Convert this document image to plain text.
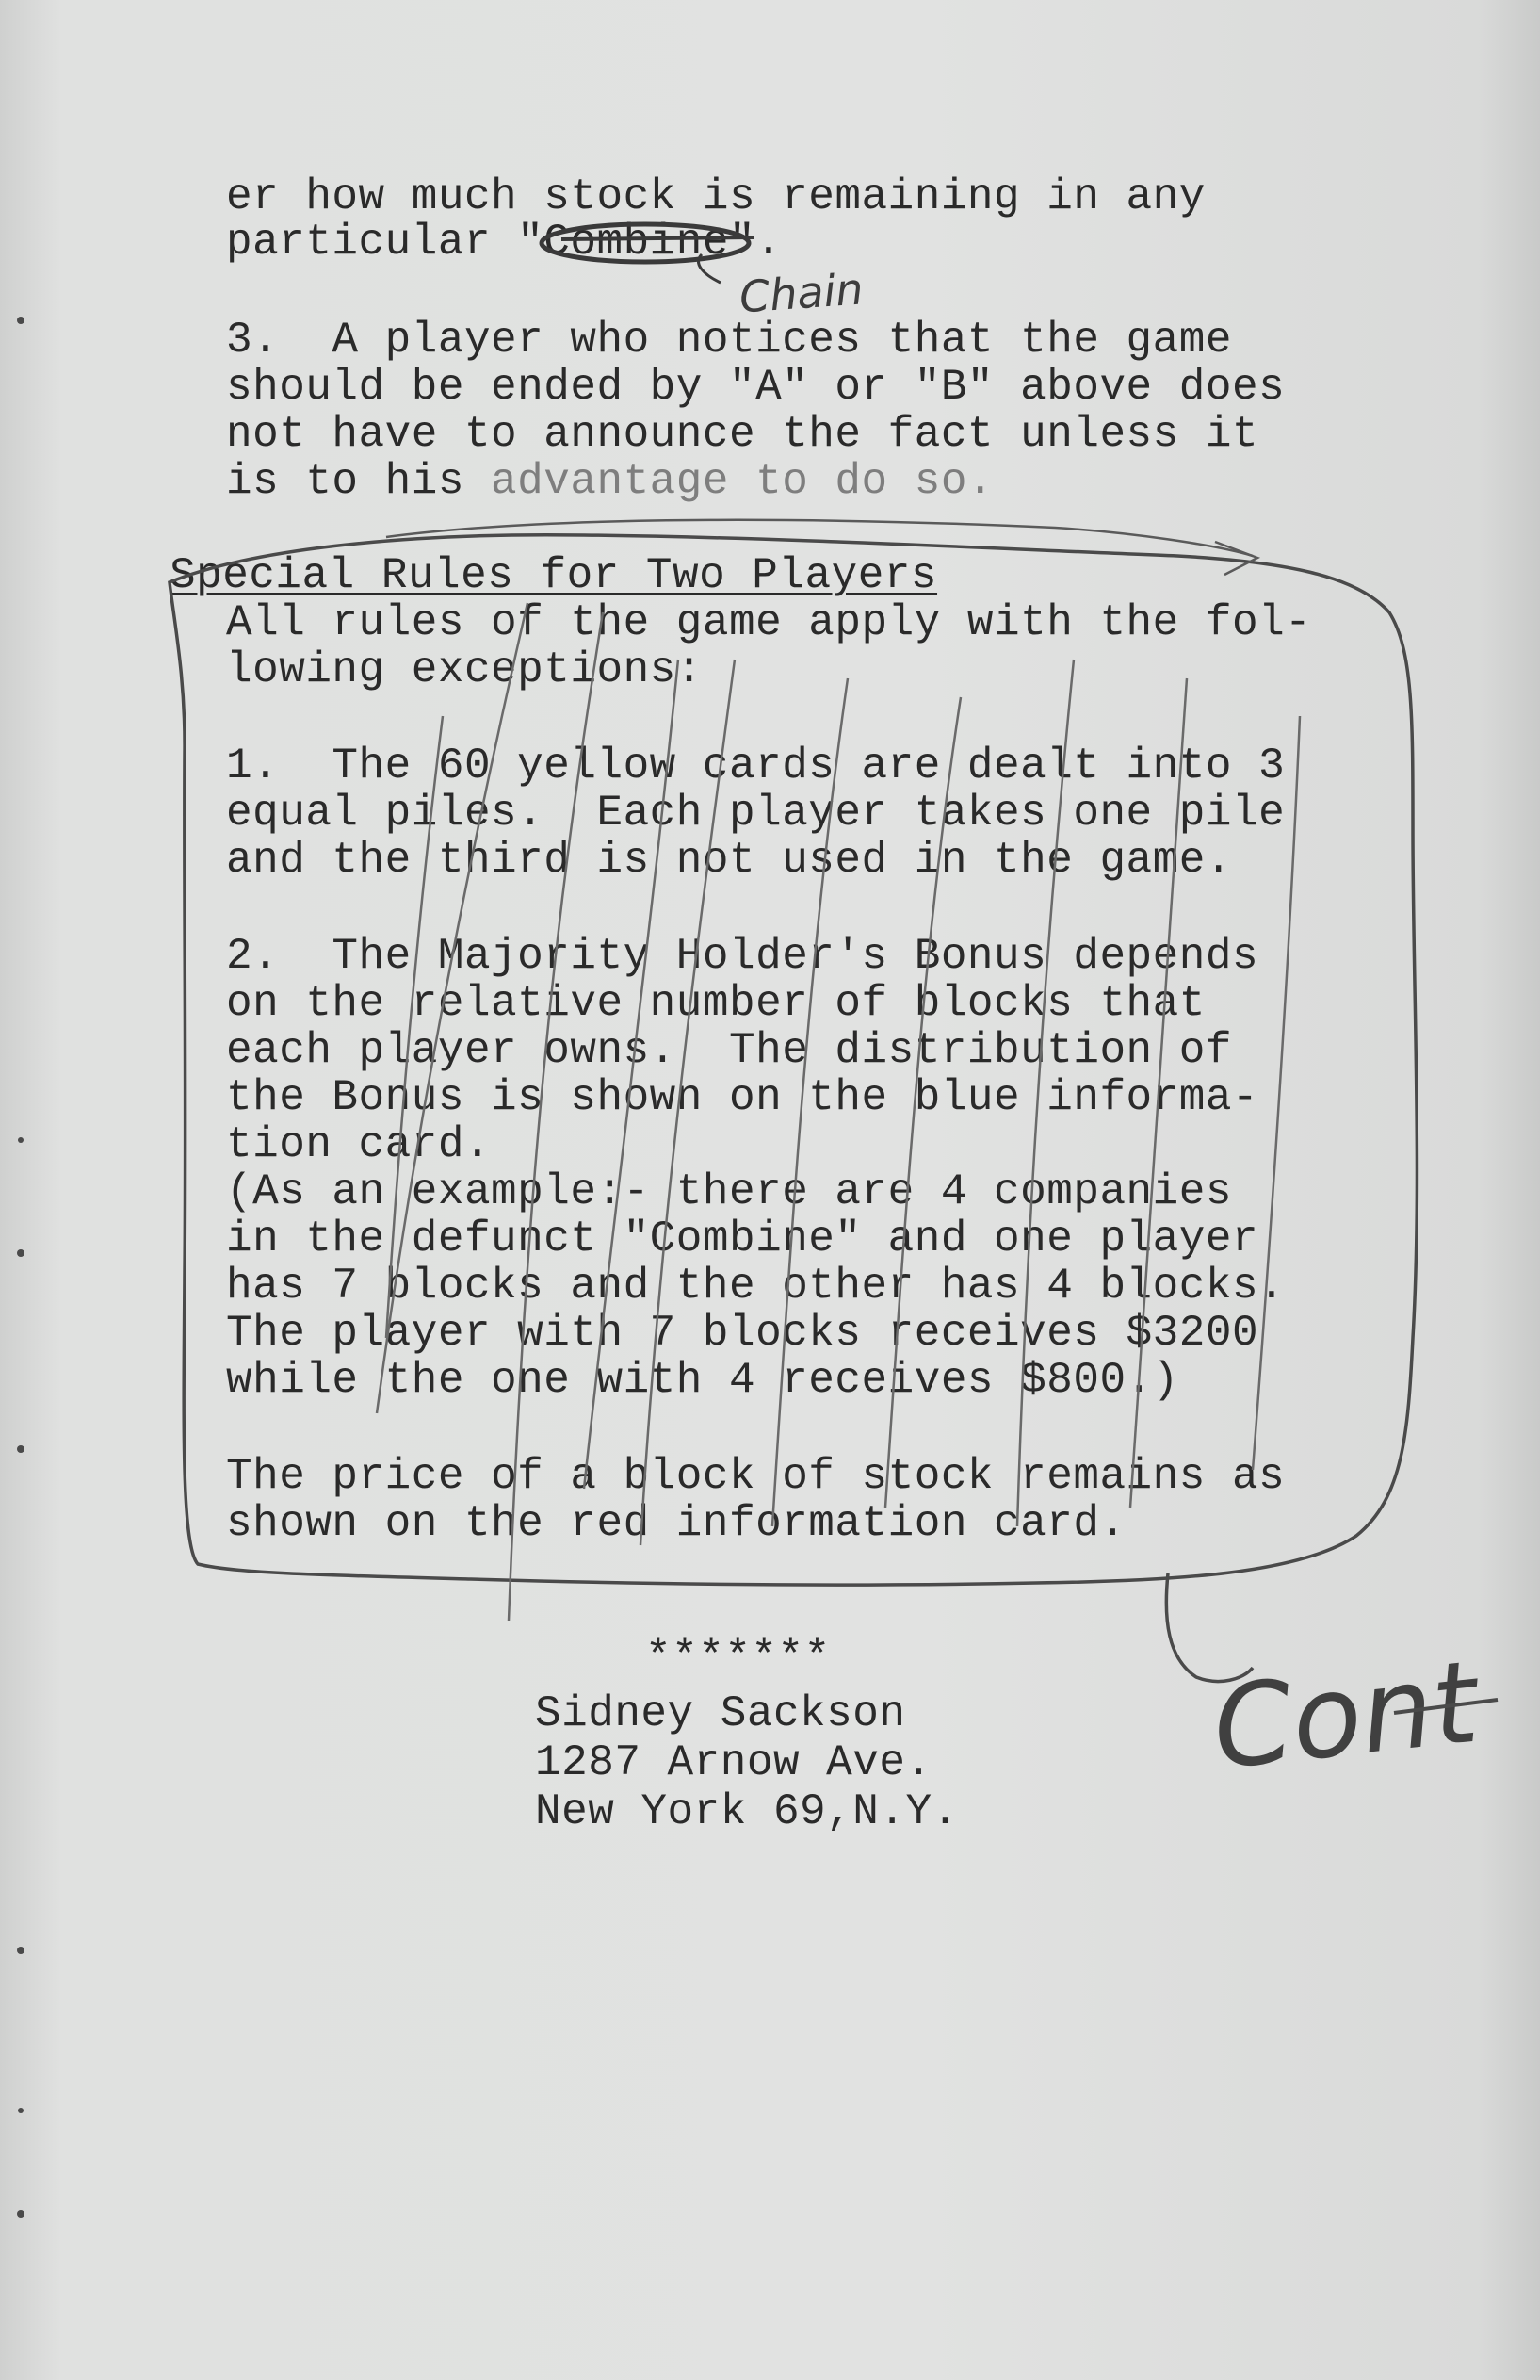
er how much stock is remaining in any
particular "Combine".
Chain
3.  A player who notices that the game
should be ended by "A" or "B" above does
not have to announce the fact unless it
is to his advantage to do so.
Special Rules for Two Players
All rules of the game apply with the fol-
lowing exceptions:
1.  The 60 yellow cards are dealt into 3
equal piles.  Each player takes one pile
and the third is not used in the game.
2.  The Majority Holder's Bonus depends
on the relative number of blocks that
each player owns.  The distribution of
the Bonus is shown on the blue informa-
tion card.
(As an example:- there are 4 companies
in the defunct "Combine" and one player
has 7 blocks and the other has 4 blocks.
The player with 7 blocks receives $3200
while the one with 4 receives $800.)
The price of a block of stock remains as
shown on the red information card.
*******
Sidney Sackson
1287 Arnow Ave.
New York 69,N.Y.
Cont
